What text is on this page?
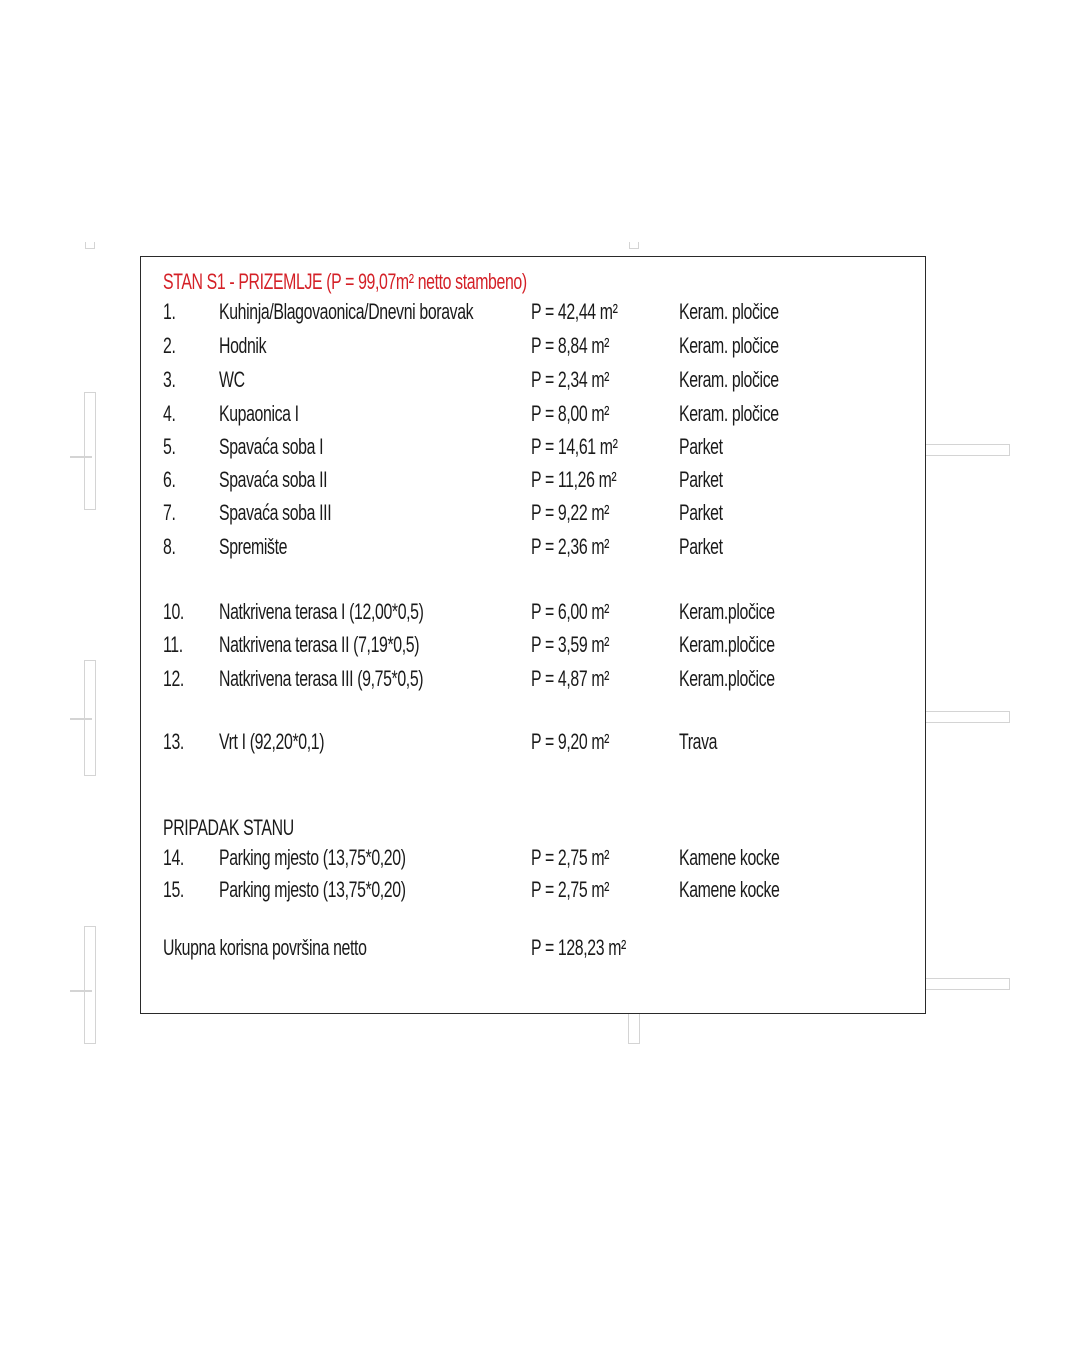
STAN S1 - PRIZEMLJE (P = 99,07m² netto stambeno)
1. Kuhinja/Blagovaonica/Dnevni boravak	P = 42,44 m²	Keram. pločice
2. Hodnik	P = 8,84 m²	Keram. pločice
3. WC	P = 2,34 m²	Keram. pločice
4. Kupaonica I	P = 8,00 m²	Keram. pločice
5. Spavaća soba I	P = 14,61 m²	Parket
6. Spavaća soba II	P = 11,26 m²	Parket
7. Spavaća soba III	P = 9,22 m²	Parket
8. Spremište	P = 2,36 m²	Parket
10. Natkrivena terasa I (12,00*0,5)	P = 6,00 m²	Keram.pločice
11. Natkrivena terasa II (7,19*0,5)	P = 3,59 m²	Keram.pločice
12. Natkrivena terasa III (9,75*0,5)	P = 4,87 m²	Keram.pločice
13. Vrt I (92,20*0,1)	P = 9,20 m²	Trava
14. Parking mjesto (13,75*0,20)	P = 2,75 m²	Kamene kocke
15. Parking mjesto (13,75*0,20)	P = 2,75 m²	Kamene kocke
PRIPADAK STANU
Ukupna korisna površina netto	P = 128,23 m²
